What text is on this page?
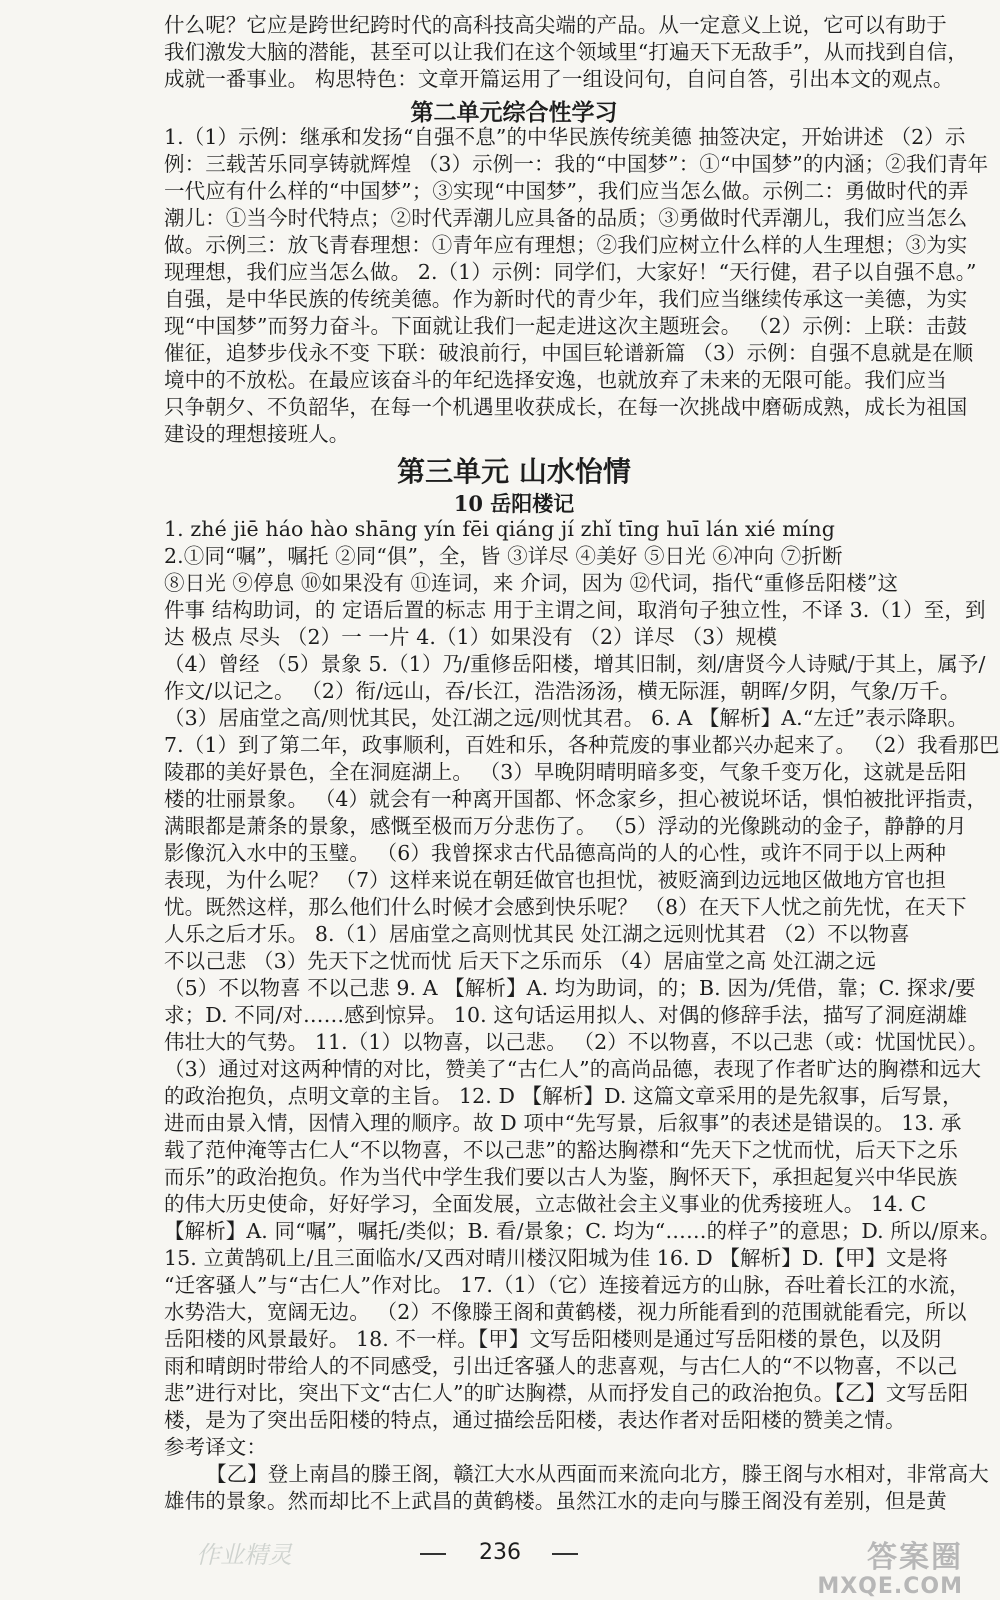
什么呢？它应是跨世纪跨时代的高科技高尖端的产品。从一定意义上说，它可以有助于
我们激发大脑的潜能，甚至可以让我们在这个领域里“打遍天下无敌手”，从而找到自信，
成就一番事业。 构思特色：文章开篇运用了一组设问句，自问自答，引出本文的观点。
第二单元综合性学习
1.（1）示例：继承和发扬“自强不息”的中华民族传统美德 抽签决定，开始讲述 （2）示
例：三载苦乐同享铸就辉煌 （3）示例一：我的“中国梦”：①“中国梦”的内涵；②我们青年
一代应有什么样的“中国梦”；③实现“中国梦”，我们应当怎么做。示例二：勇做时代的弄
潮儿：①当今时代特点；②时代弄潮儿应具备的品质；③勇做时代弄潮儿，我们应当怎么
做。示例三：放飞青春理想：①青年应有理想；②我们应树立什么样的人生理想；③为实
现理想，我们应当怎么做。 2.（1）示例：同学们，大家好！“天行健，君子以自强不息。”
自强，是中华民族的传统美德。作为新时代的青少年，我们应当继续传承这一美德，为实
现“中国梦”而努力奋斗。下面就让我们一起走进这次主题班会。 （2）示例：上联：击鼓
催征，追梦步伐永不变 下联：破浪前行，中国巨轮谱新篇 （3）示例：自强不息就是在顺
境中的不放松。在最应该奋斗的年纪选择安逸，也就放弃了未来的无限可能。我们应当
只争朝夕、不负韶华，在每一个机遇里收获成长，在每一次挑战中磨砺成熟，成长为祖国
建设的理想接班人。
第三单元 山水怡情
10 岳阳楼记
1. zhé jiē háo hào shāng yín fēi qiáng jí zhǐ tīng huī lán xié míng
2.①同“嘱”，嘱托 ②同“俱”，全，皆 ③详尽 ④美好 ⑤日光 ⑥冲向 ⑦折断
⑧日光 ⑨停息 ⑩如果没有 ⑪连词，来 介词，因为 ⑫代词，指代“重修岳阳楼”这
件事 结构助词，的 定语后置的标志 用于主谓之间，取消句子独立性，不译 3.（1）至，到
达 极点 尽头 （2）一 一片 4.（1）如果没有 （2）详尽 （3）规模
（4）曾经 （5）景象 5.（1）乃/重修岳阳楼，增其旧制，刻/唐贤今人诗赋/于其上，属予/
作文/以记之。 （2）衔/远山，吞/长江，浩浩汤汤，横无际涯，朝晖/夕阴，气象/万千。
（3）居庙堂之高/则忧其民，处江湖之远/则忧其君。 6. A 【解析】A.“左迁”表示降职。
7.（1）到了第二年，政事顺利，百姓和乐，各种荒废的事业都兴办起来了。 （2）我看那巴
陵郡的美好景色，全在洞庭湖上。 （3）早晚阴晴明暗多变，气象千变万化，这就是岳阳
楼的壮丽景象。 （4）就会有一种离开国都、怀念家乡，担心被说坏话，惧怕被批评指责，
满眼都是萧条的景象，感慨至极而万分悲伤了。 （5）浮动的光像跳动的金子，静静的月
影像沉入水中的玉璧。 （6）我曾探求古代品德高尚的人的心性，或许不同于以上两种
表现，为什么呢？ （7）这样来说在朝廷做官也担忧，被贬滴到边远地区做地方官也担
忧。既然这样，那么他们什么时候才会感到快乐呢？ （8）在天下人忧之前先忧，在天下
人乐之后才乐。 8.（1）居庙堂之高则忧其民 处江湖之远则忧其君 （2）不以物喜
不以己悲 （3）先天下之忧而忧 后天下之乐而乐 （4）居庙堂之高 处江湖之远
（5）不以物喜 不以己悲 9. A 【解析】A. 均为助词，的；B. 因为/凭借，靠；C. 探求/要
求；D. 不同/对……感到惊异。 10. 这句话运用拟人、对偶的修辞手法，描写了洞庭湖雄
伟壮大的气势。 11.（1）以物喜，以己悲。 （2）不以物喜，不以己悲（或：忧国忧民）。
（3）通过对这两种情的对比，赞美了“古仁人”的高尚品德，表现了作者旷达的胸襟和远大
的政治抱负，点明文章的主旨。 12. D 【解析】D. 这篇文章采用的是先叙事，后写景，
进而由景入情，因情入理的顺序。故 D 项中“先写景，后叙事”的表述是错误的。 13. 承
载了范仲淹等古仁人“不以物喜，不以己悲”的豁达胸襟和“先天下之忧而忧，后天下之乐
而乐”的政治抱负。作为当代中学生我们要以古人为鉴，胸怀天下，承担起复兴中华民族
的伟大历史使命，好好学习，全面发展，立志做社会主义事业的优秀接班人。 14. C
【解析】A. 同“嘱”，嘱托/类似；B. 看/景象；C. 均为“……的样子”的意思；D. 所以/原来。
15. 立黄鹄矶上/且三面临水/又西对晴川楼汉阳城为佳 16. D 【解析】D.【甲】文是将
“迁客骚人”与“古仁人”作对比。 17.（1）（它）连接着远方的山脉，吞吐着长江的水流，
水势浩大，宽阔无边。 （2）不像滕王阁和黄鹤楼，视力所能看到的范围就能看完，所以
岳阳楼的风景最好。 18. 不一样。【甲】文写岳阳楼则是通过写岳阳楼的景色，以及阴
雨和晴朗时带给人的不同感受，引出迁客骚人的悲喜观，与古仁人的“不以物喜，不以己
悲”进行对比，突出下文“古仁人”的旷达胸襟，从而抒发自己的政治抱负。【乙】文写岳阳
楼，是为了突出岳阳楼的特点，通过描绘岳阳楼，表达作者对岳阳楼的赞美之情。
参考译文：
【乙】登上南昌的滕王阁，赣江大水从西面而来流向北方，滕王阁与水相对，非常高大
雄伟的景象。然而却比不上武昌的黄鹤楼。虽然江水的走向与滕王阁没有差别，但是黄
236
作业精灵	答案圈
MXQE.COM
